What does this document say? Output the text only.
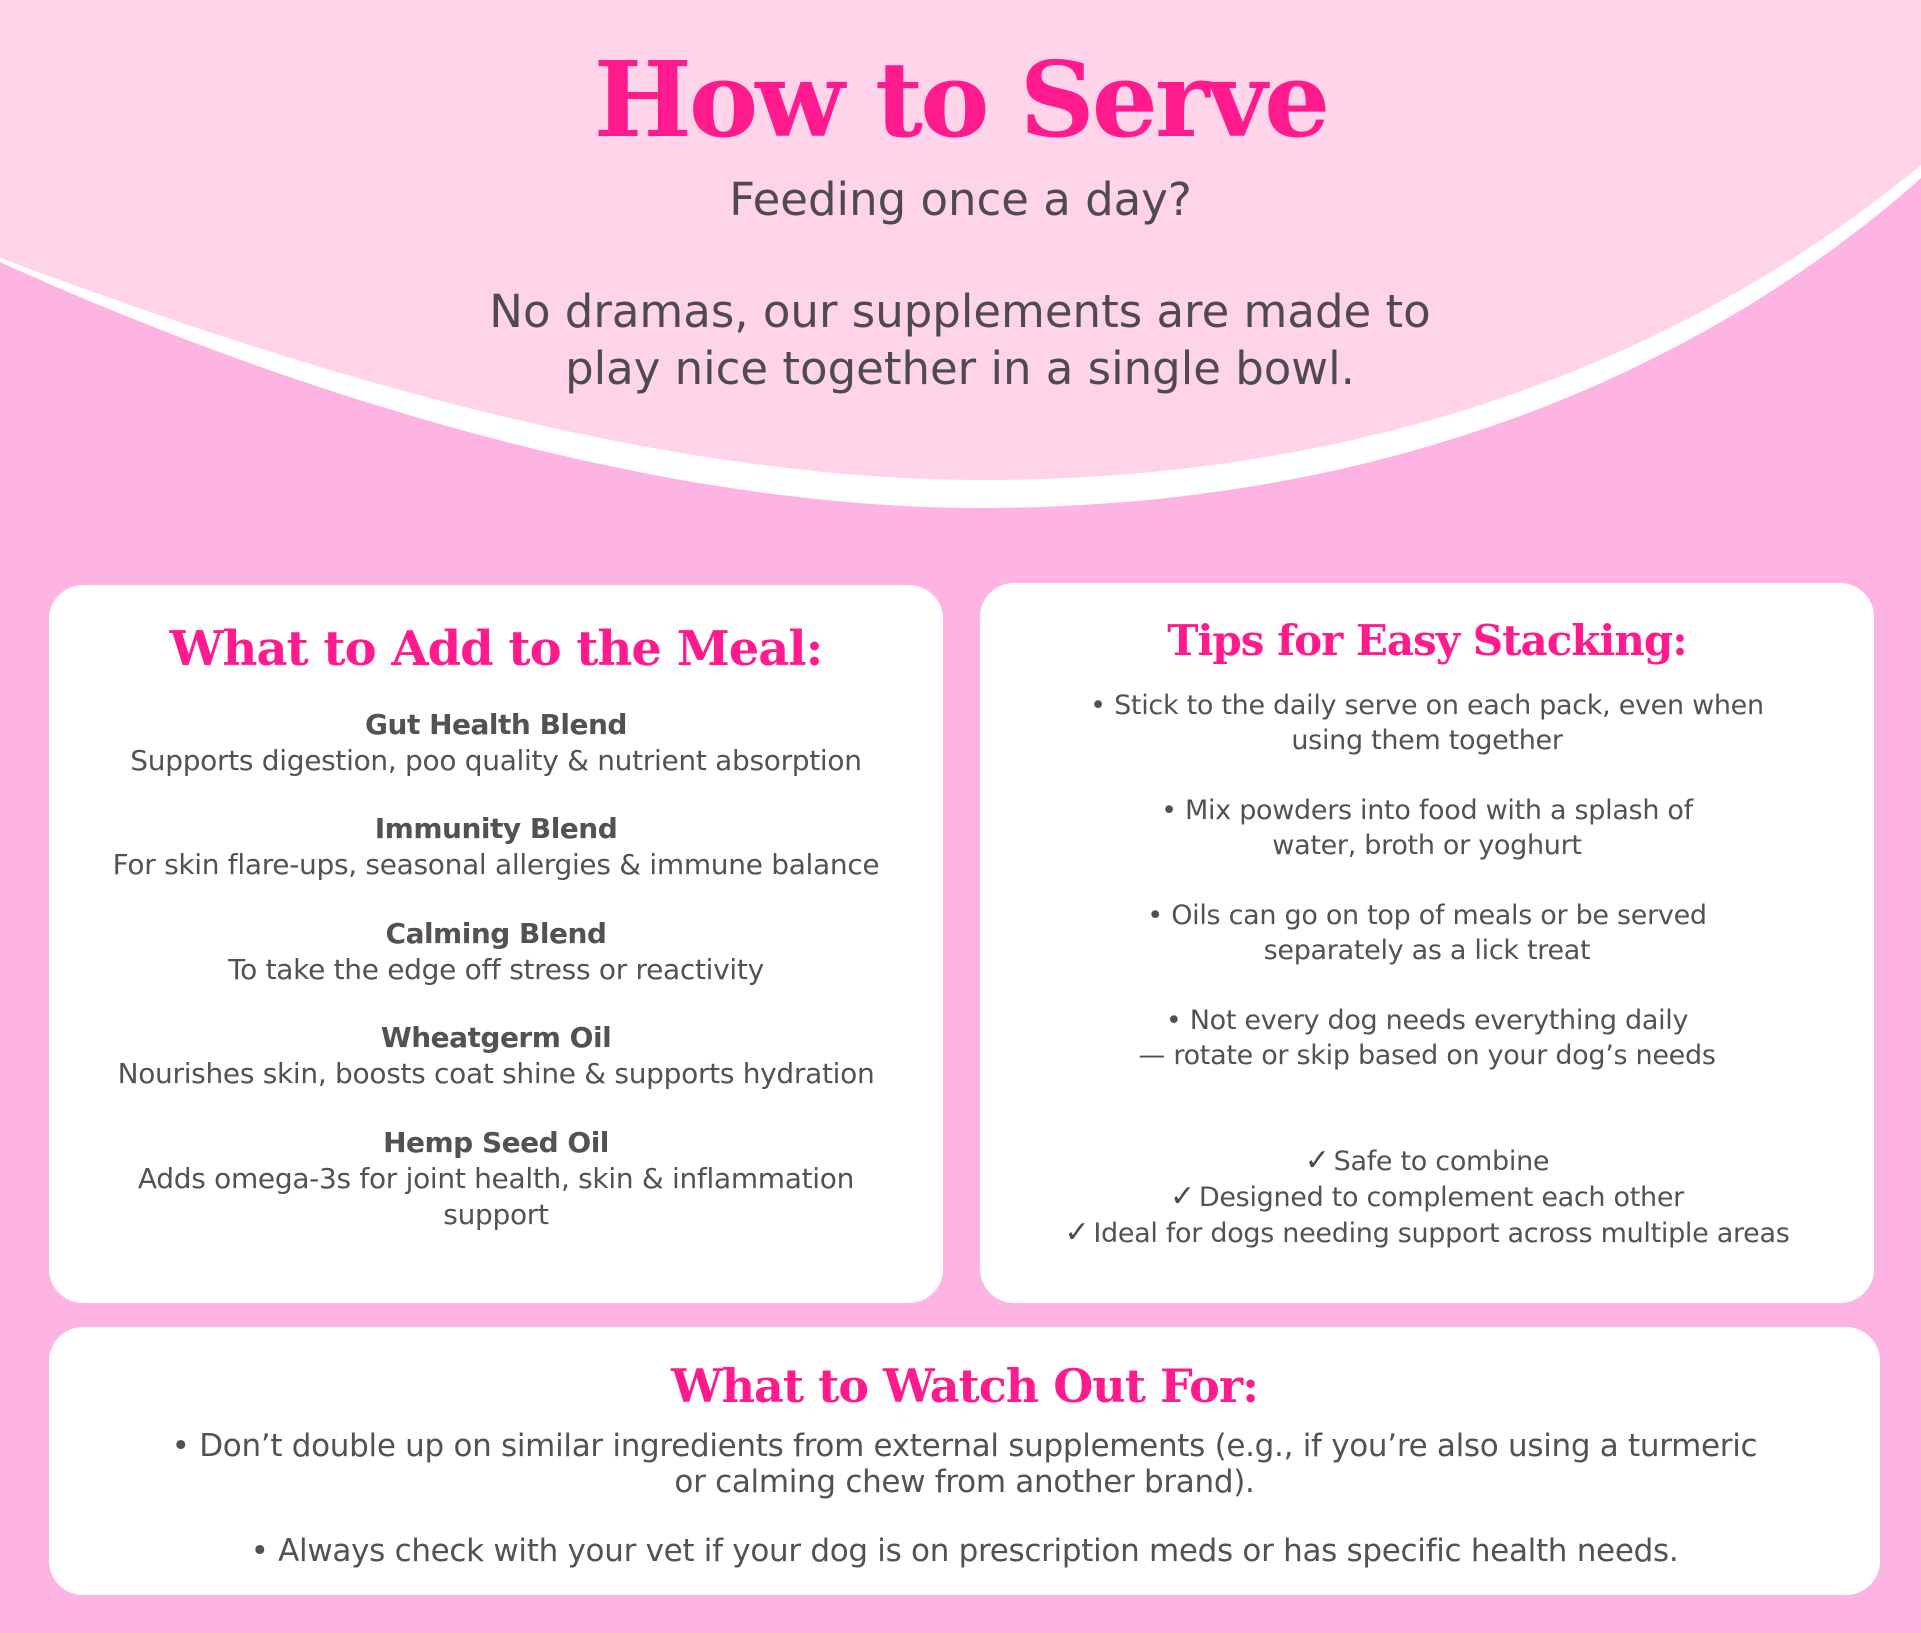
How to Serve

Feeding once a day?

No dramas, our supplements are made to
play nice together in a single bowl.

What to Add to the Meal:
Gut Health Blend
Supports digestion, poo quality & nutrient absorption
Immunity Blend
For skin flare-ups, seasonal allergies & immune balance
Calming Blend
To take the edge off stress or reactivity
Wheatgerm Oil
Nourishes skin, boosts coat shine & supports hydration
Hemp Seed Oil
Adds omega-3s for joint health, skin & inflammation
support
Tips for Easy Stacking:
• Stick to the daily serve on each pack, even when
using them together
• Mix powders into food with a splash of
water, broth or yoghurt
• Oils can go on top of meals or be served
separately as a lick treat
• Not every dog needs everything daily
— rotate or skip based on your dog’s needs
✓ Safe to combine
✓ Designed to complement each other
✓ Ideal for dogs needing support across multiple areas
What to Watch Out For:
• Don’t double up on similar ingredients from external supplements (e.g., if you’re also using a turmeric
or calming chew from another brand).
• Always check with your vet if your dog is on prescription meds or has specific health needs.
